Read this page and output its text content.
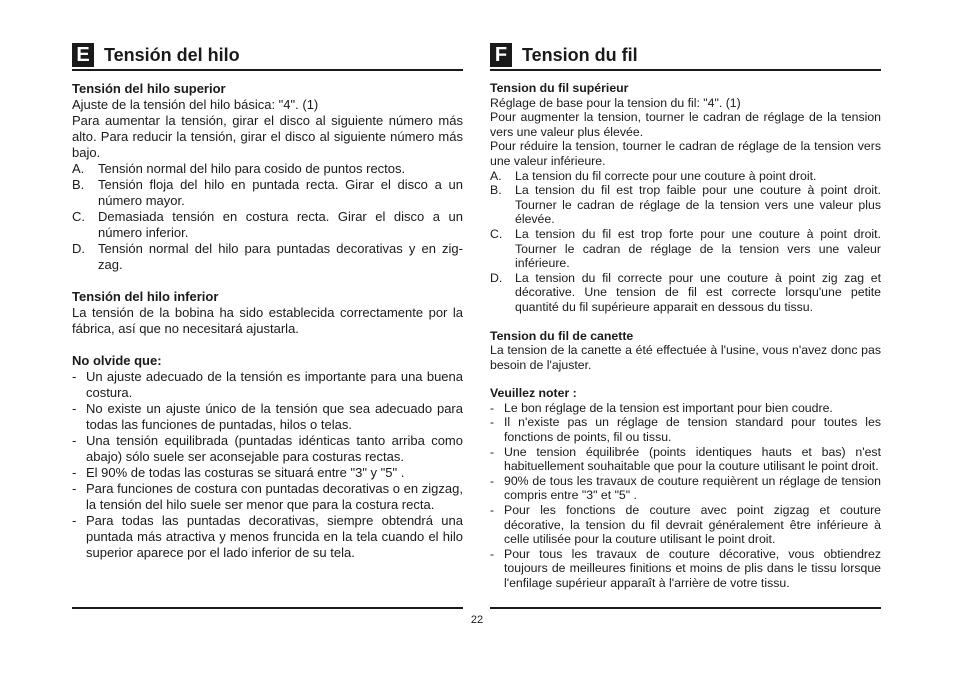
E Tensión del hilo

Tensión del hilo superior

Ajuste de la tensión del hilo básica: "4". (1)

Para aumentar la tensión, girar el disco al siguiente número más alto. Para reducir la tensión, girar el disco al siguiente número más bajo.

A.	Tensión normal del hilo para cosido de puntos rectos.
B.	Tensión floja del hilo en puntada recta. Girar el disco a un número mayor.
C.	Demasiada tensión en costura recta. Girar el disco a un número inferior.
D.	Tensión normal del hilo para puntadas decorativas y en zig-zag.

Tensión del hilo inferior

La tensión de la bobina ha sido establecida correctamente por la fábrica, así que no necesitará ajustarla.

No olvide que:

- Un ajuste adecuado de la tensión es importante para una buena costura.
- No existe un ajuste único de la tensión que sea adecuado para todas las funciones de puntadas, hilos o telas.
- Una tensión equilibrada (puntadas idénticas tanto arriba como abajo) sólo suele ser aconsejable para costuras rectas.
- El 90% de todas las costuras se situará entre "3" y "5" .
- Para funciones de costura con puntadas decorativas o en zigzag, la tensión del hilo suele ser menor que para la costura recta.
- Para todas las puntadas decorativas, siempre obtendrá una puntada más atractiva y menos fruncida en la tela cuando el hilo superior aparece por el lado inferior de su tela.
F Tension du fil

Tension du fil supérieur

Réglage de base pour la tension du fil: "4". (1)

Pour augmenter la tension, tourner le cadran de réglage de la tension vers une valeur plus élevée.

Pour réduire la tension, tourner le cadran de réglage de la tension vers une valeur inférieure.

A.	La tension du fil correcte pour une couture à point droit.
B.	La tension du fil est trop faible pour une couture à point droit. Tourner le cadran de réglage de la tension vers une valeur plus élevée.
C.	La tension du fil est trop forte pour une couture à point droit. Tourner le cadran de réglage de la tension vers une valeur inférieure.
D.	La tension du fil correcte pour une couture à point zig zag et décorative. Une tension de fil est correcte lorsqu'une petite quantité du fil supérieure apparait en dessous du tissu.

Tension du fil de canette

La tension de la canette a été effectuée à l'usine, vous n'avez donc pas besoin de l'ajuster.

Veuillez noter :

- Le bon réglage de la tension est important pour bien coudre.
- Il n'existe pas un réglage de tension standard pour toutes les fonctions de points, fil ou tissu.
- Une tension équilibrée (points identiques hauts et bas) n'est habituellement souhaitable que pour la couture utilisant le point droit.
- 90% de tous les travaux de couture requièrent un réglage de tension compris entre "3" et "5" .
- Pour les fonctions de couture avec point zigzag et couture décorative, la tension du fil devrait généralement être inférieure à celle utilisée pour la couture utilisant le point droit.
- Pour tous les travaux de couture décorative, vous obtiendrez toujours de meilleures finitions et moins de plis dans le tissu lorsque l'enfilage supérieur apparaît à l'arrière de votre tissu.
22
